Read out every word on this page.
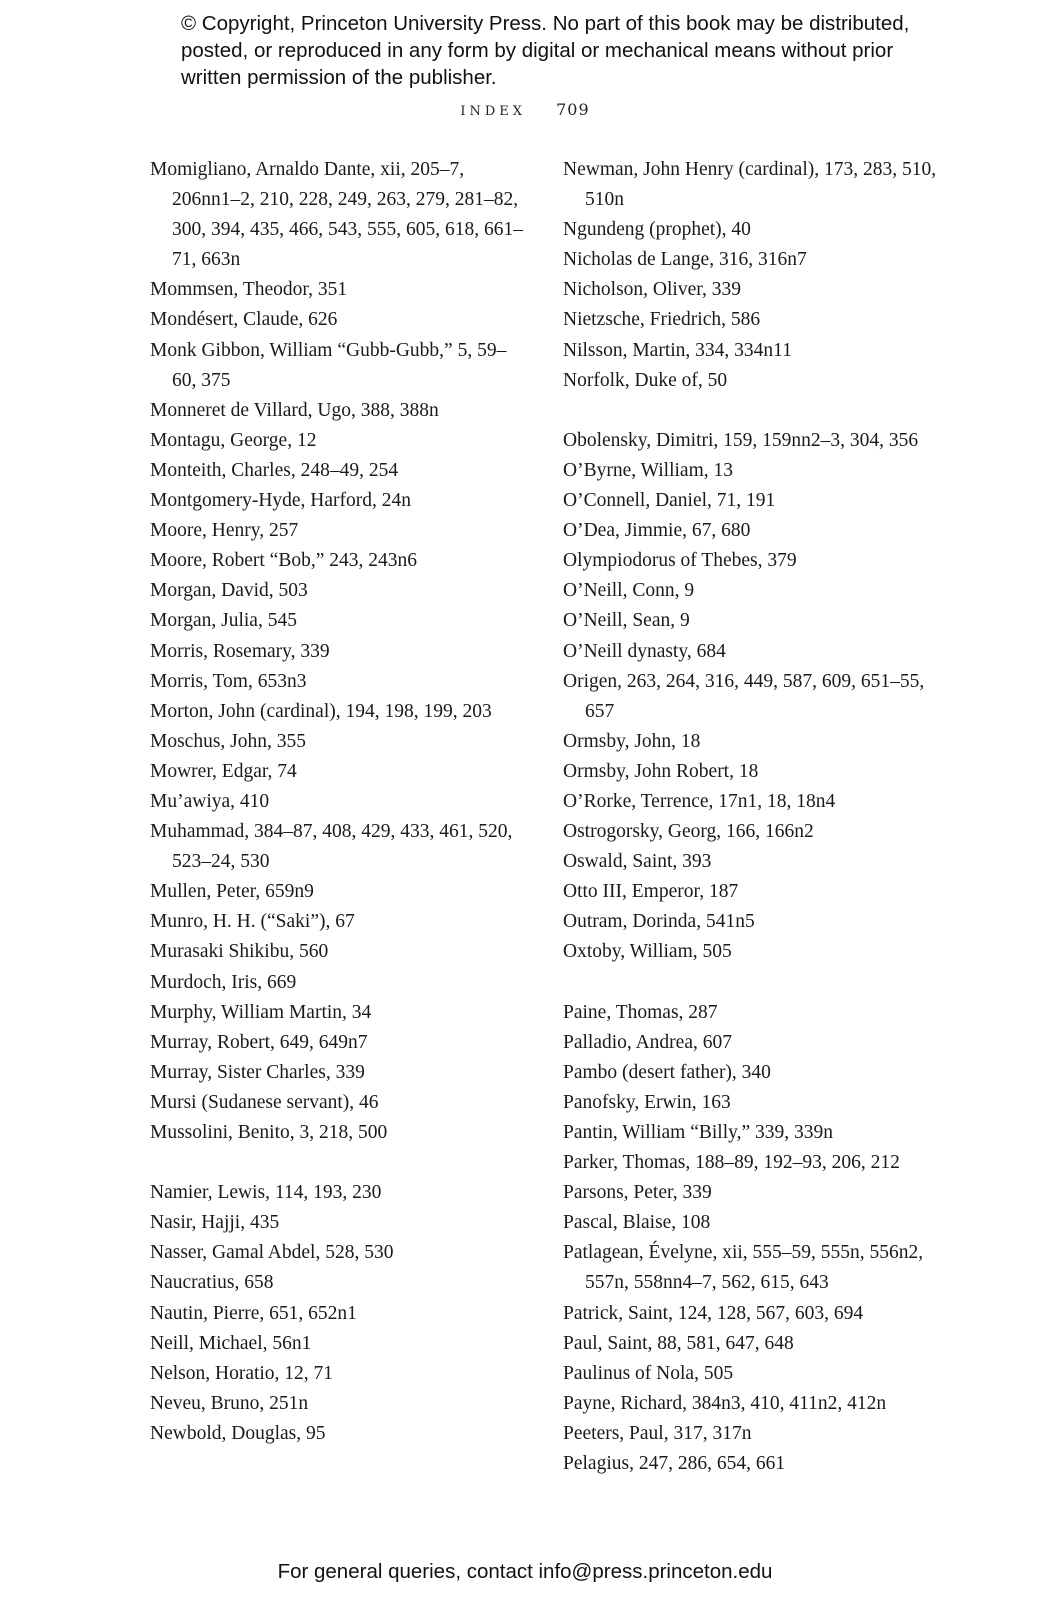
© Copyright, Princeton University Press. No part of this book may be distributed, posted, or reproduced in any form by digital or mechanical means without prior written permission of the publisher.
INDEX 709
Momigliano, Arnaldo Dante, xii, 205–7, 206nn1–2, 210, 228, 249, 263, 279, 281–82, 300, 394, 435, 466, 543, 555, 605, 618, 661–71, 663n
Mommsen, Theodor, 351
Mondésert, Claude, 626
Monk Gibbon, William “Gubb-Gubb,” 5, 59–60, 375
Monneret de Villard, Ugo, 388, 388n
Montagu, George, 12
Monteith, Charles, 248–49, 254
Montgomery-Hyde, Harford, 24n
Moore, Henry, 257
Moore, Robert “Bob,” 243, 243n6
Morgan, David, 503
Morgan, Julia, 545
Morris, Rosemary, 339
Morris, Tom, 653n3
Morton, John (cardinal), 194, 198, 199, 203
Moschus, John, 355
Mowrer, Edgar, 74
Mu’awiya, 410
Muhammad, 384–87, 408, 429, 433, 461, 520, 523–24, 530
Mullen, Peter, 659n9
Munro, H. H. (“Saki”), 67
Murasaki Shikibu, 560
Murdoch, Iris, 669
Murphy, William Martin, 34
Murray, Robert, 649, 649n7
Murray, Sister Charles, 339
Mursi (Sudanese servant), 46
Mussolini, Benito, 3, 218, 500
Namier, Lewis, 114, 193, 230
Nasir, Hajji, 435
Nasser, Gamal Abdel, 528, 530
Naucratius, 658
Nautin, Pierre, 651, 652n1
Neill, Michael, 56n1
Nelson, Horatio, 12, 71
Neveu, Bruno, 251n
Newbold, Douglas, 95
Newman, John Henry (cardinal), 173, 283, 510, 510n
Ngundeng (prophet), 40
Nicholas de Lange, 316, 316n7
Nicholson, Oliver, 339
Nietzsche, Friedrich, 586
Nilsson, Martin, 334, 334n11
Norfolk, Duke of, 50
Obolensky, Dimitri, 159, 159nn2–3, 304, 356
O’Byrne, William, 13
O’Connell, Daniel, 71, 191
O’Dea, Jimmie, 67, 680
Olympiodorus of Thebes, 379
O’Neill, Conn, 9
O’Neill, Sean, 9
O’Neill dynasty, 684
Origen, 263, 264, 316, 449, 587, 609, 651–55, 657
Ormsby, John, 18
Ormsby, John Robert, 18
O’Rorke, Terrence, 17n1, 18, 18n4
Ostrogorsky, Georg, 166, 166n2
Oswald, Saint, 393
Otto III, Emperor, 187
Outram, Dorinda, 541n5
Oxtoby, William, 505
Paine, Thomas, 287
Palladio, Andrea, 607
Pambo (desert father), 340
Panofsky, Erwin, 163
Pantin, William “Billy,” 339, 339n
Parker, Thomas, 188–89, 192–93, 206, 212
Parsons, Peter, 339
Pascal, Blaise, 108
Patlagean, Évelyne, xii, 555–59, 555n, 556n2, 557n, 558nn4–7, 562, 615, 643
Patrick, Saint, 124, 128, 567, 603, 694
Paul, Saint, 88, 581, 647, 648
Paulinus of Nola, 505
Payne, Richard, 384n3, 410, 411n2, 412n
Peeters, Paul, 317, 317n
Pelagius, 247, 286, 654, 661
For general queries, contact info@press.princeton.edu
